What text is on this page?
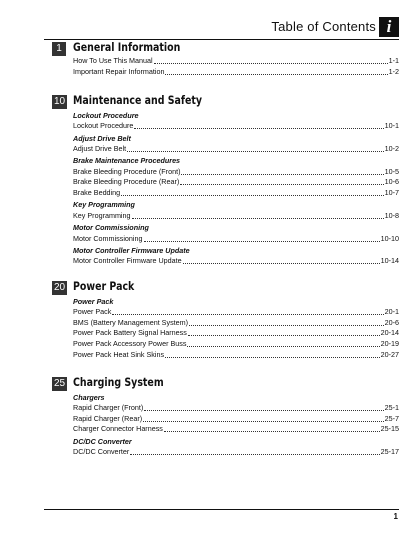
Table of Contents i
1 General Information
How To Use This Manual	1-1
Important Repair Information	1-2
10 Maintenance and Safety
Lockout Procedure
Lockout Procedure	10-1
Adjust Drive Belt
Adjust Drive Belt	10-2
Brake Maintenance Procedures
Brake Bleeding Procedure (Front)	10-5
Brake Bleeding Procedure (Rear)	10-6
Brake Bedding	10-7
Key Programming
Key Programming	10-8
Motor Commissioning
Motor Commissioning	10-10
Motor Controller Firmware Update
Motor Controller Firmware Update	10-14
20 Power Pack
Power Pack
Power Pack	20-1
BMS (Battery Management System)	20-6
Power Pack Battery Signal Harness	20-14
Power Pack Accessory Power Buss	20-19
Power Pack Heat Sink Skins	20-27
25 Charging System
Chargers
Rapid Charger (Front)	25-1
Rapid Charger (Rear)	25-7
Charger Connector Harness	25-15
DC/DC Converter
DC/DC Converter	25-17
1
